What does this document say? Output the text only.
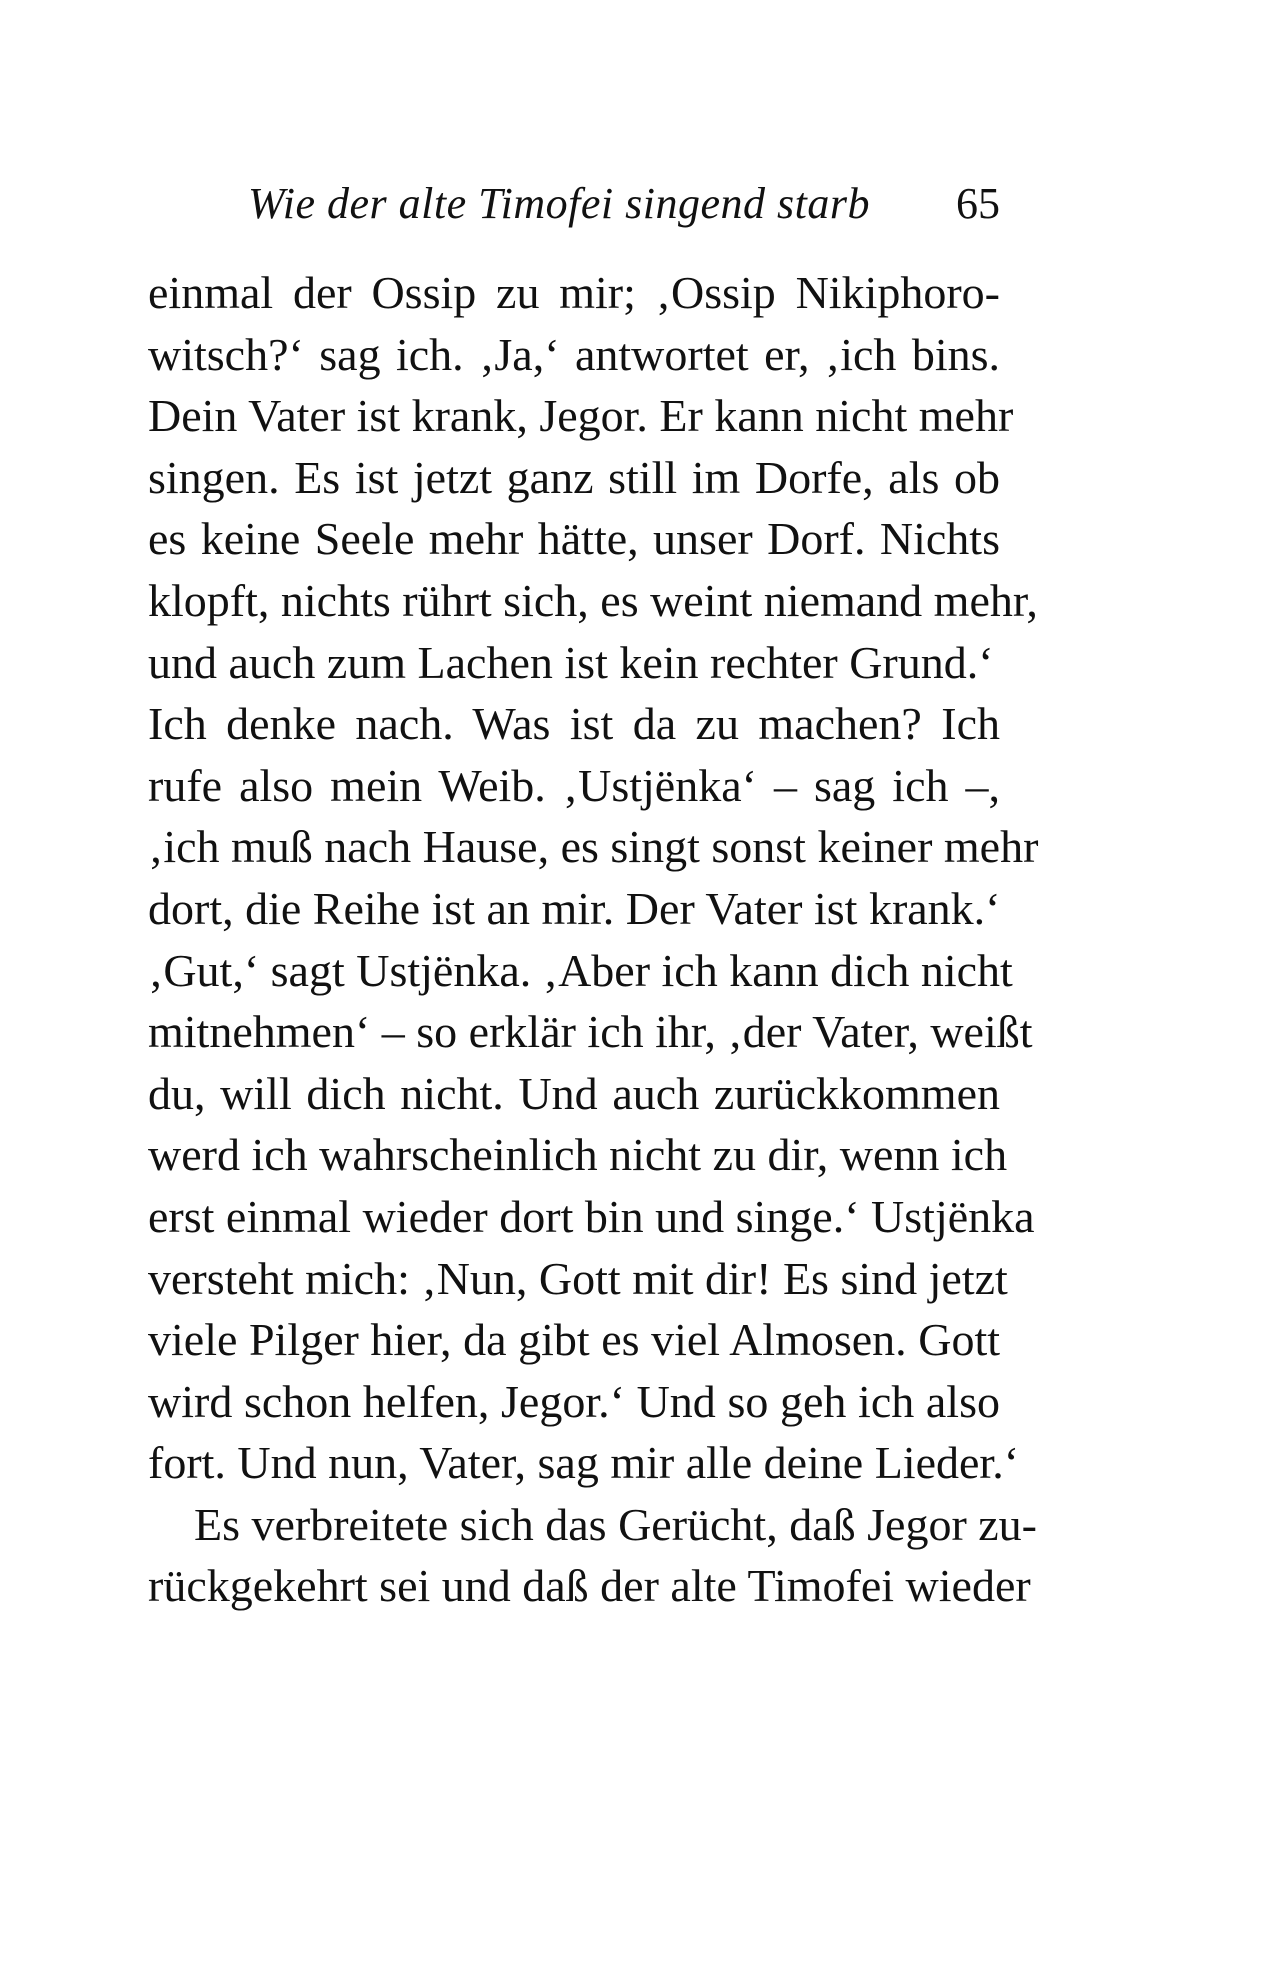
Wie der alte Timofei singend starb 65
einmal der Ossip zu mir; ‚Ossip Nikiphoro-
witsch?‘ sag ich. ‚Ja,‘ antwortet er, ‚ich bins.
Dein Vater ist krank, Jegor. Er kann nicht mehr
singen. Es ist jetzt ganz still im Dorfe, als ob
es keine Seele mehr hätte, unser Dorf. Nichts
klopft, nichts rührt sich, es weint niemand mehr,
und auch zum Lachen ist kein rechter Grund.‘
Ich denke nach. Was ist da zu machen? Ich
rufe also mein Weib. ‚Ustjënka‘ – sag ich –,
‚ich muß nach Hause, es singt sonst keiner mehr
dort, die Reihe ist an mir. Der Vater ist krank.‘
‚Gut,‘ sagt Ustjënka. ‚Aber ich kann dich nicht
mitnehmen‘ – so erklär ich ihr, ‚der Vater, weißt
du, will dich nicht. Und auch zurückkommen
werd ich wahrscheinlich nicht zu dir, wenn ich
erst einmal wieder dort bin und singe.‘ Ustjënka
versteht mich: ‚Nun, Gott mit dir! Es sind jetzt
viele Pilger hier, da gibt es viel Almosen. Gott
wird schon helfen, Jegor.‘ Und so geh ich also
fort. Und nun, Vater, sag mir alle deine Lieder.‘
Es verbreitete sich das Gerücht, daß Jegor zu-
rückgekehrt sei und daß der alte Timofei wieder
